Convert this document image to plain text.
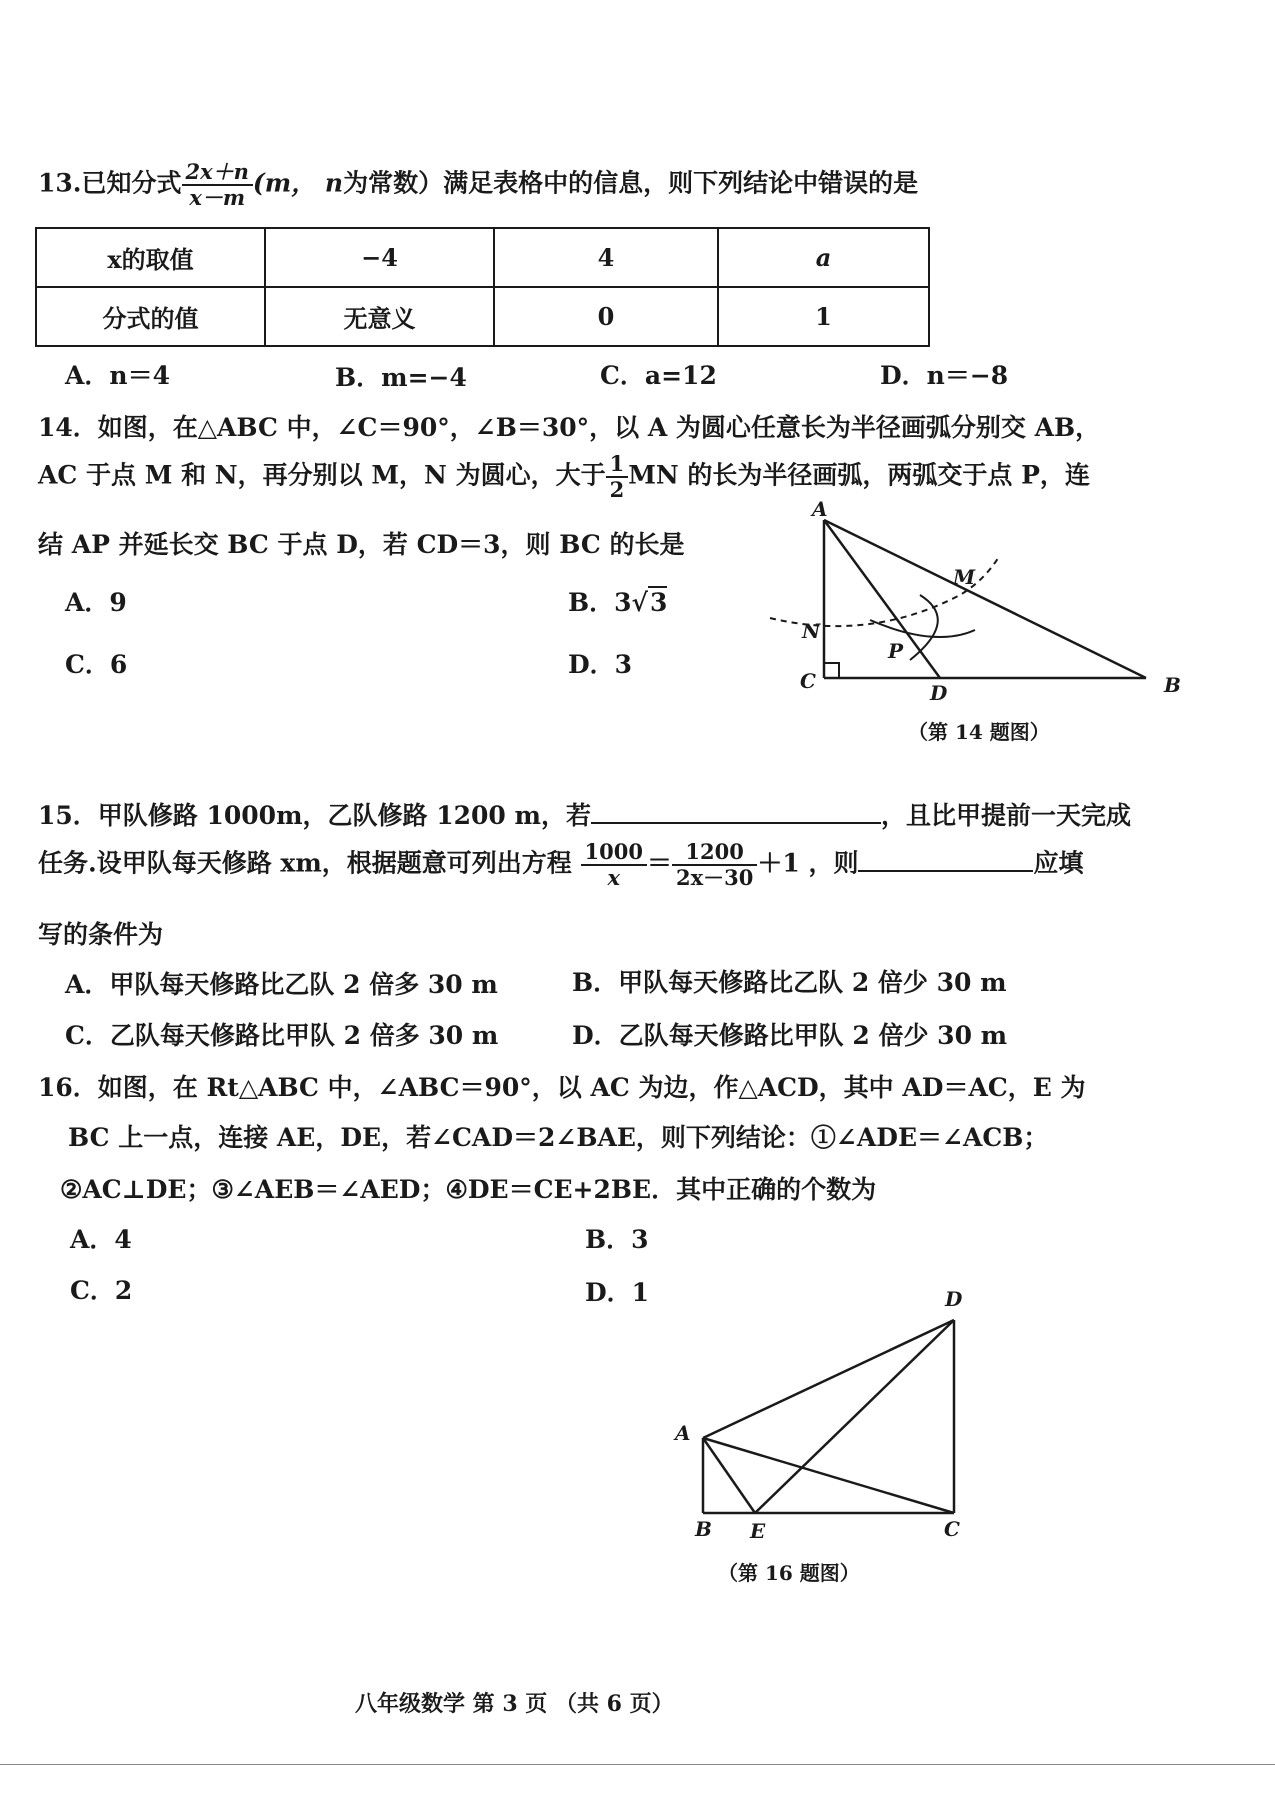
13.已知分式 $\frac{2x+n}{x-m} (m$， n为常数）满足表格中的信息，则下列结论中错误的是
x的取值	−4	4	a
分式的值	无意义	0	1
A．n＝4	B．m=−4	C．a=12	D．n＝−8
14．如图，在△ABC 中，∠C＝90°，∠B＝30°，以 A 为圆心任意长为半径画弧分别交 AB，
AC 于点 M 和 N，再分别以 M，N 为圆心，大于 $\frac{1}{2}$ MN 的长为半径画弧，两弧交于点 P，连
结 AP 并延长交 BC 于点 D，若 CD＝3，则 BC 的长是
A．9	B．3√3
C．6	D．3
A
M
N
P
C	D	B
（第 14 题图）
15．甲队修路 1000m，乙队修路 1200 m，若	，且比甲提前一天完成
任务.设甲队每天修路 xm，根据题意可列出方程 $\frac{1000}{x} = \frac{1200}{2x-30} +1$ ，则	应填
写的条件为
A．甲队每天修路比乙队 2 倍多 30 m	B．甲队每天修路比乙队 2 倍少 30 m
C．乙队每天修路比甲队 2 倍多 30 m	D．乙队每天修路比甲队 2 倍少 30 m
16．如图，在 Rt△ABC 中，∠ABC＝90°，以 AC 为边，作△ACD，其中 AD＝AC，E 为
BC 上一点，连接 AE，DE，若∠CAD＝2∠BAE，则下列结论：①∠ADE＝∠ACB；
②AC⊥DE；③∠AEB＝∠AED；④DE＝CE+2BE．其中正确的个数为
A．4	B．3
C．2	D．1	D
A
B E	C
（第 16 题图）
八年级数学 第 3 页 （共 6 页）
